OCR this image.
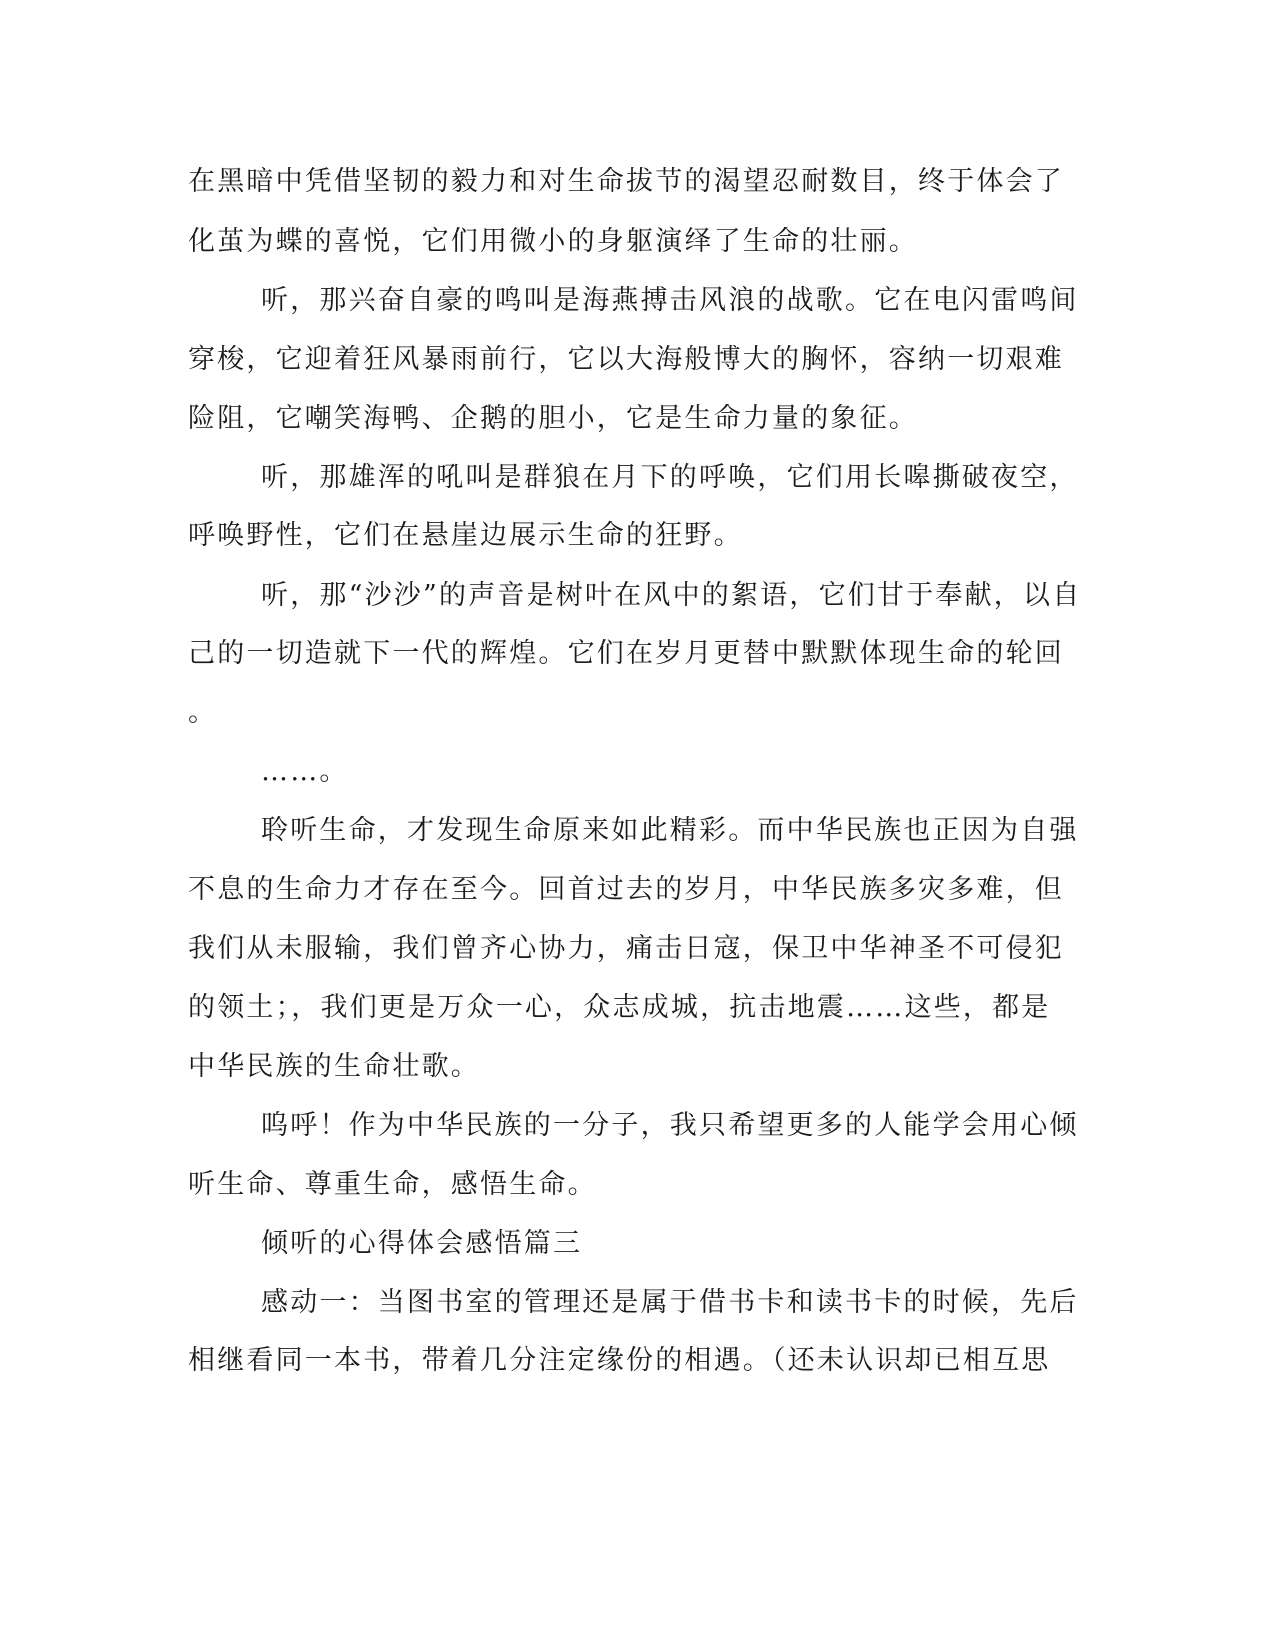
在黑暗中凭借坚韧的毅力和对生命拔节的渴望忍耐数目，终于体会了
化茧为蝶的喜悦，它们用微小的身躯演绎了生命的壮丽。
听，那兴奋自豪的鸣叫是海燕搏击风浪的战歌。它在电闪雷鸣间
穿梭，它迎着狂风暴雨前行，它以大海般博大的胸怀，容纳一切艰难
险阻，它嘲笑海鸭、企鹅的胆小，它是生命力量的象征。
听，那雄浑的吼叫是群狼在月下的呼唤，它们用长嗥撕破夜空，
呼唤野性，它们在悬崖边展示生命的狂野。
听，那“沙沙”的声音是树叶在风中的絮语，它们甘于奉献，以自
己的一切造就下一代的辉煌。它们在岁月更替中默默体现生命的轮回
。
……。
聆听生命，才发现生命原来如此精彩。而中华民族也正因为自强
不息的生命力才存在至今。回首过去的岁月，中华民族多灾多难，但
我们从未服输，我们曾齐心协力，痛击日寇，保卫中华神圣不可侵犯
的领土；，我们更是万众一心，众志成城，抗击地震……这些，都是
中华民族的生命壮歌。
呜呼！作为中华民族的一分子，我只希望更多的人能学会用心倾
听生命、尊重生命，感悟生命。
倾听的心得体会感悟篇三
感动一：当图书室的管理还是属于借书卡和读书卡的时候，先后
相继看同一本书，带着几分注定缘份的相遇。（还未认识却已相互思
